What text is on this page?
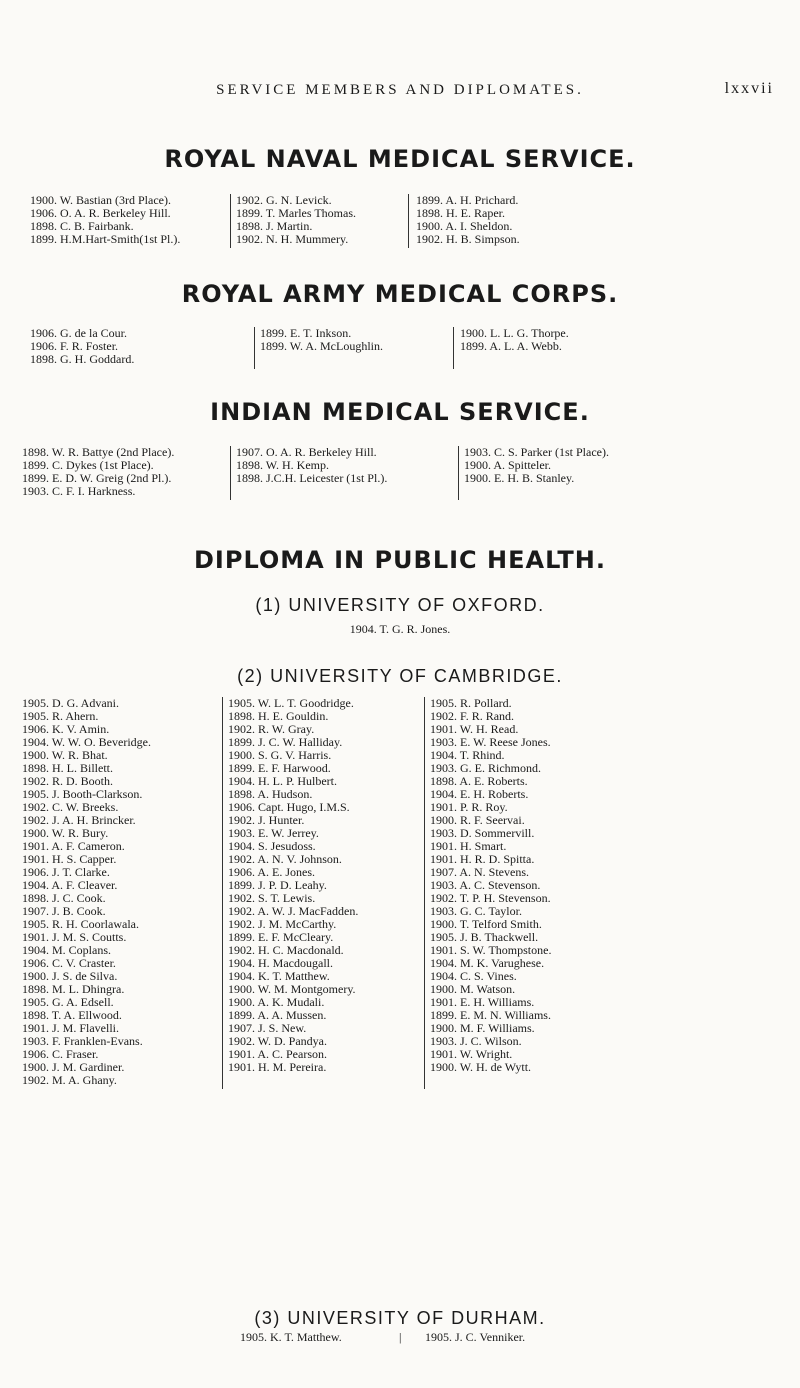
SERVICE MEMBERS AND DIPLOMATES.	lxxvii
ROYAL NAVAL MEDICAL SERVICE.
1900. W. Bastian (3rd Place).
1906. O. A. R. Berkeley Hill.
1898. C. B. Fairbank.
1899. H.M.Hart-Smith(1st Pl.).
1902. G. N. Levick.
1899. T. Marles Thomas.
1898. J. Martin.
1902. N. H. Mummery.
1899. A. H. Prichard.
1898. H. E. Raper.
1900. A. I. Sheldon.
1902. H. B. Simpson.
ROYAL ARMY MEDICAL CORPS.
1906. G. de la Cour.
1906. F. R. Foster.
1898. G. H. Goddard.
1899. E. T. Inkson.
1899. W. A. McLoughlin.
1900. L. L. G. Thorpe.
1899. A. L. A. Webb.
INDIAN MEDICAL SERVICE.
1898. W. R. Battye (2nd Place).
1899. C. Dykes (1st Place).
1899. E. D. W. Greig (2nd Pl.).
1903. C. F. I. Harkness.
1907. O. A. R. Berkeley Hill.
1898. W. H. Kemp.
1898. J.C.H. Leicester (1st Pl.).
1903. C. S. Parker (1st Place).
1900. A. Spitteler.
1900. E. H. B. Stanley.
DIPLOMA IN PUBLIC HEALTH.
(1) UNIVERSITY OF OXFORD.
1904. T. G. R. Jones.
(2) UNIVERSITY OF CAMBRIDGE.
1905. D. G. Advani.
1905. R. Ahern.
1906. K. V. Amin.
1904. W. W. O. Beveridge.
1900. W. R. Bhat.
1898. H. L. Billett.
1902. R. D. Booth.
1905. J. Booth-Clarkson.
1902. C. W. Breeks.
1902. J. A. H. Brincker.
1900. W. R. Bury.
1901. A. F. Cameron.
1901. H. S. Capper.
1906. J. T. Clarke.
1904. A. F. Cleaver.
1898. J. C. Cook.
1907. J. B. Cook.
1905. R. H. Coorlawala.
1901. J. M. S. Coutts.
1904. M. Coplans.
1906. C. V. Craster.
1900. J. S. de Silva.
1898. M. L. Dhingra.
1905. G. A. Edsell.
1898. T. A. Ellwood.
1901. J. M. Flavelli.
1903. F. Franklen-Evans.
1906. C. Fraser.
1900. J. M. Gardiner.
1902. M. A. Ghany.
1905. W. L. T. Goodridge.
1898. H. E. Gouldin.
1902. R. W. Gray.
1899. J. C. W. Halliday.
1900. S. G. V. Harris.
1899. E. F. Harwood.
1904. H. L. P. Hulbert.
1898. A. Hudson.
1906. Capt. Hugo, I.M.S.
1902. J. Hunter.
1903. E. W. Jerrey.
1904. S. Jesudoss.
1902. A. N. V. Johnson.
1906. A. E. Jones.
1899. J. P. D. Leahy.
1902. S. T. Lewis.
1902. A. W. J. MacFadden.
1902. J. M. McCarthy.
1899. E. F. McCleary.
1902. H. C. Macdonald.
1904. H. Macdougall.
1904. K. T. Matthew.
1900. W. M. Montgomery.
1900. A. K. Mudali.
1899. A. A. Mussen.
1907. J. S. New.
1902. W. D. Pandya.
1901. A. C. Pearson.
1901. H. M. Pereira.
1905. R. Pollard.
1902. F. R. Rand.
1901. W. H. Read.
1903. E. W. Reese Jones.
1904. T. Rhind.
1903. G. E. Richmond.
1898. A. E. Roberts.
1904. E. H. Roberts.
1901. P. R. Roy.
1900. R. F. Seervai.
1903. D. Sommervill.
1901. H. Smart.
1901. H. R. D. Spitta.
1907. A. N. Stevens.
1903. A. C. Stevenson.
1902. T. P. H. Stevenson.
1903. G. C. Taylor.
1900. T. Telford Smith.
1905. J. B. Thackwell.
1901. S. W. Thompstone.
1904. M. K. Varughese.
1904. C. S. Vines.
1900. M. Watson.
1901. E. H. Williams.
1899. E. M. N. Williams.
1900. M. F. Williams.
1903. J. C. Wilson.
1901. W. Wright.
1900. W. H. de Wytt.
(3) UNIVERSITY OF DURHAM.
1905. K. T. Matthew.	| 1905. J. C. Venniker.
